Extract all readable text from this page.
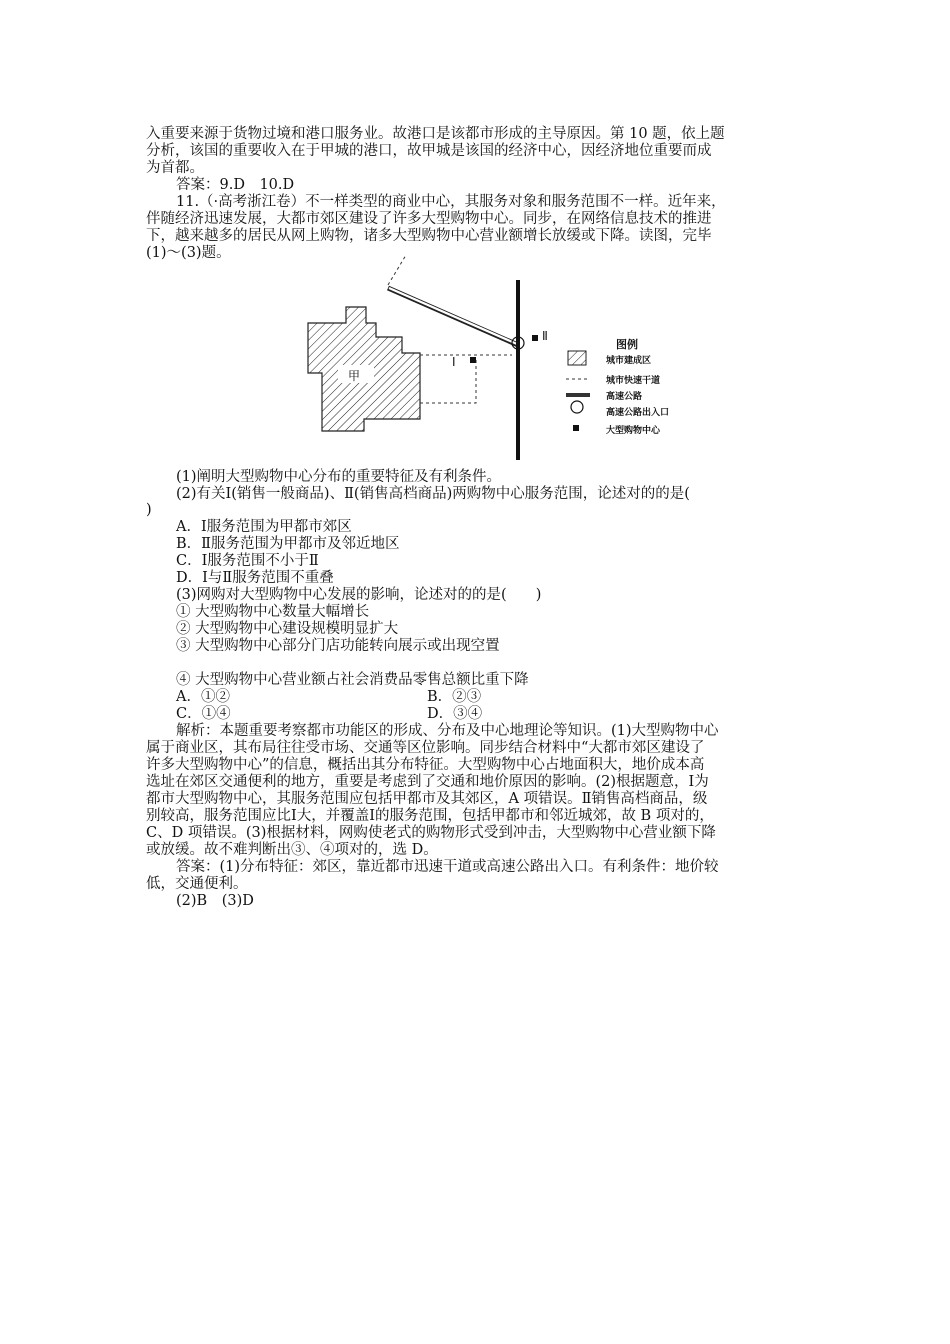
入重要来源于货物过境和港口服务业。故港口是该都市形成的主导原因。第 10 题，依上题
分析，该国的重要收入在于甲城的港口，故甲城是该国的经济中心，因经济地位重要而成
为首都。
答案：9.D　10.D
11.（·高考浙江卷）不一样类型的商业中心，其服务对象和服务范围不一样。近年来，
伴随经济迅速发展，大都市郊区建设了许多大型购物中心。同步，在网络信息技术的推进
下，越来越多的居民从网上购物，诸多大型购物中心营业额增长放缓或下降。读图，完毕
(1)～(3)题。
甲
Ⅰ
Ⅱ
图例
城市建成区
城市快速干道
高速公路
高速公路出入口
大型购物中心
(1)阐明大型购物中心分布的重要特征及有利条件。
(2)有关Ⅰ(销售一般商品)、Ⅱ(销售高档商品)两购物中心服务范围，论述对的的是(
)
A．Ⅰ服务范围为甲都市郊区
B．Ⅱ服务范围为甲都市及邻近地区
C．Ⅰ服务范围不小于Ⅱ
D．Ⅰ与Ⅱ服务范围不重叠
(3)网购对大型购物中心发展的影响，论述对的的是(　　)
① 大型购物中心数量大幅增长
② 大型购物中心建设规模明显扩大
③ 大型购物中心部分门店功能转向展示或出现空置
④ 大型购物中心营业额占社会消费品零售总额比重下降
A．①②	B．②③
C．①④	D．③④
解析：本题重要考察都市功能区的形成、分布及中心地理论等知识。(1)大型购物中心
属于商业区，其布局往往受市场、交通等区位影响。同步结合材料中“大都市郊区建设了
许多大型购物中心”的信息，概括出其分布特征。大型购物中心占地面积大，地价成本高
选址在郊区交通便利的地方，重要是考虑到了交通和地价原因的影响。(2)根据题意，Ⅰ为
都市大型购物中心，其服务范围应包括甲都市及其郊区，A 项错误。Ⅱ销售高档商品，级
别较高，服务范围应比Ⅰ大，并覆盖Ⅰ的服务范围，包括甲都市和邻近城郊，故 B 项对的，
C、D 项错误。(3)根据材料，网购使老式的购物形式受到冲击，大型购物中心营业额下降
或放缓。故不难判断出③、④项对的，选 D。
答案：(1)分布特征：郊区，靠近都市迅速干道或高速公路出入口。有利条件：地价较
低，交通便利。
(2)B　(3)D
